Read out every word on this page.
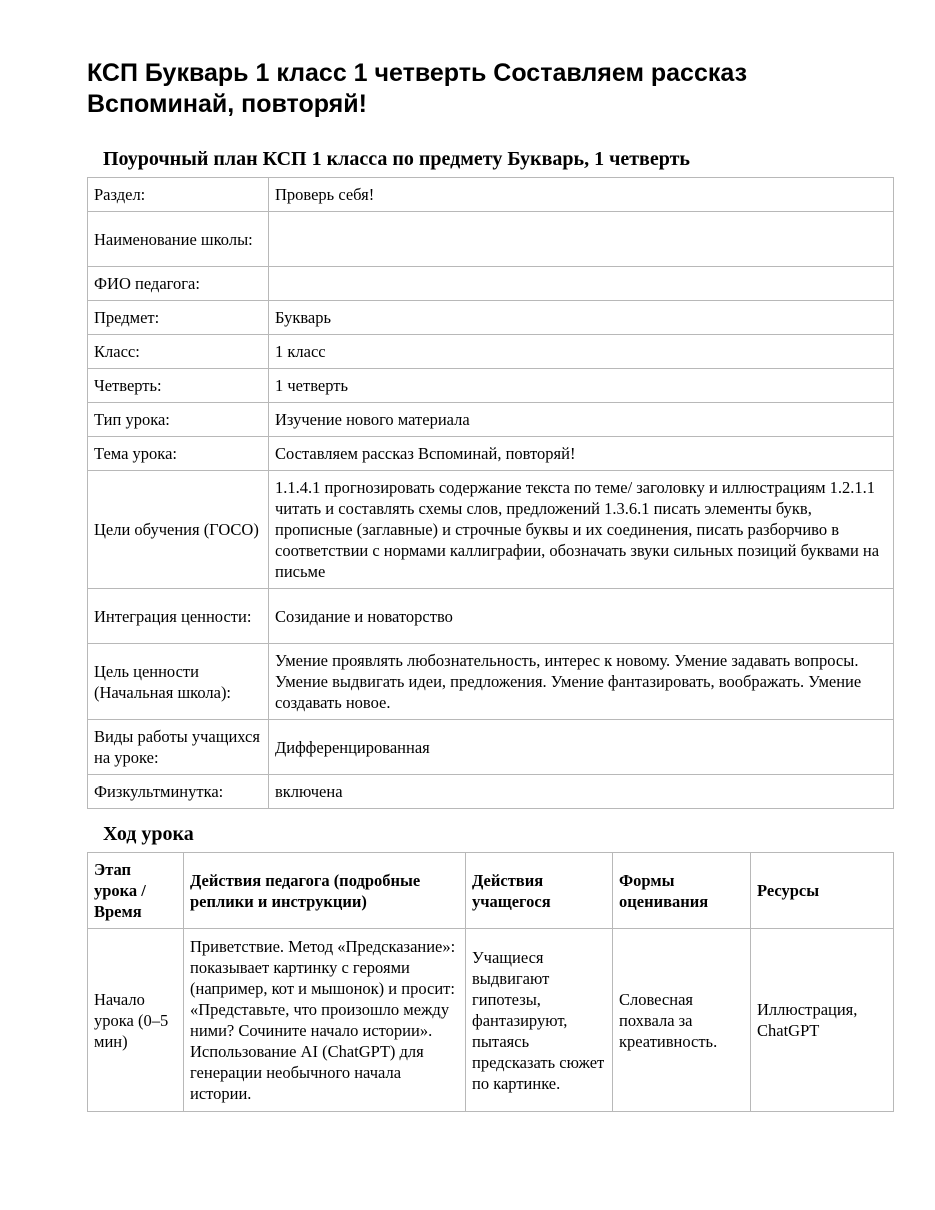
КСП Букварь 1 класс 1 четверть Составляем рассказ Вспоминай, повторяй!
Поурочный план КСП 1 класса по предмету Букварь, 1 четверть
Раздел:	Проверь себя!
Наименование школы:	
ФИО педагога:	
Предмет:	Букварь
Класс:	1 класс
Четверть:	1 четверть
Тип урока:	Изучение нового материала
Тема урока:	Составляем рассказ Вспоминай, повторяй!
Цели обучения (ГОСО)	1.1.4.1 прогнозировать содержание текста по теме/ заголовку и иллюстрациям 1.2.1.1 читать и составлять схемы слов, предложений 1.3.6.1 писать элементы букв, прописные (заглавные) и строчные буквы и их соединения, писать разборчиво в соответствии с нормами каллиграфии, обозначать звуки сильных позиций буквами на письме
Интеграция ценности:	Созидание и новаторство
Цель ценности (Начальная школа):	Умение проявлять любознательность, интерес к новому. Умение задавать вопросы. Умение выдвигать идеи, предложения. Умение фантазировать, воображать. Умение создавать новое.
Виды работы учащихся на уроке:	Дифференцированная
Физкультминутка:	включена
Ход урока
Этап урока / Время	Действия педагога (подробные реплики и инструкции)	Действия учащегося	Формы оценивания	Ресурсы
Начало урока (0–5 мин)	Приветствие. Метод «Предсказание»: показывает картинку с героями (например, кот и мышонок) и просит: «Представьте, что произошло между ними? Сочините начало истории». Использование AI (ChatGPT) для генерации необычного начала истории.	Учащиеся выдвигают гипотезы, фантазируют, пытаясь предсказать сюжет по картинке.	Словесная похвала за креативность.	Иллюстрация, ChatGPT
